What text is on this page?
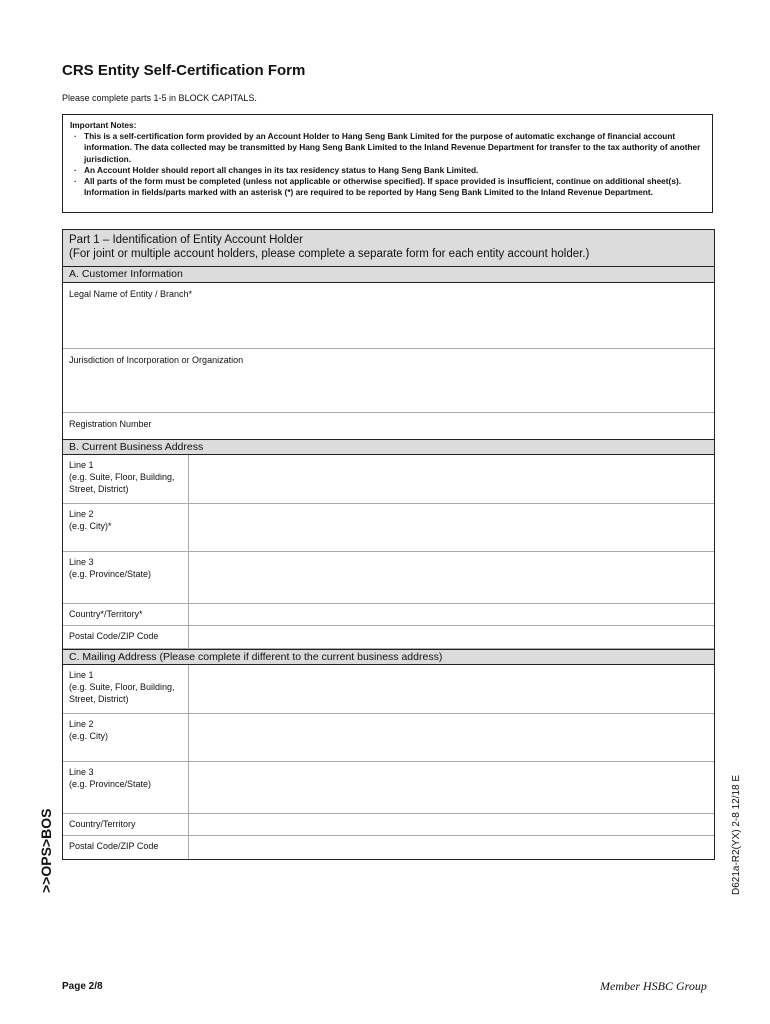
CRS Entity Self-Certification Form
Please complete parts 1-5 in BLOCK CAPITALS.
Important Notes:
· This is a self-certification form provided by an Account Holder to Hang Seng Bank Limited for the purpose of automatic exchange of financial account information. The data collected may be transmitted by Hang Seng Bank Limited to the Inland Revenue Department for transfer to the tax authority of another jurisdiction.
· An Account Holder should report all changes in its tax residency status to Hang Seng Bank Limited.
· All parts of the form must be completed (unless not applicable or otherwise specified). If space provided is insufficient, continue on additional sheet(s). Information in fields/parts marked with an asterisk (*) are required to be reported by Hang Seng Bank Limited to the Inland Revenue Department.
Part 1 – Identification of Entity Account Holder
(For joint or multiple account holders, please complete a separate form for each entity account holder.)
A. Customer Information
Legal Name of Entity / Branch*
Jurisdiction of Incorporation or Organization
Registration Number
B. Current Business Address
Line 1
(e.g. Suite, Floor, Building,
Street, District)
Line 2
(e.g. City)*
Line 3
(e.g. Province/State)
Country*/Territory*
Postal Code/ZIP Code
C. Mailing Address (Please complete if different to the current business address)
Line 1
(e.g. Suite, Floor, Building,
Street, District)
Line 2
(e.g. City)
Line 3
(e.g. Province/State)
Country/Territory
Postal Code/ZIP Code
>>OPS>BOS	D621a-R2(YX) 2-8 12/18 E
Page 2/8	Member HSBC Group
